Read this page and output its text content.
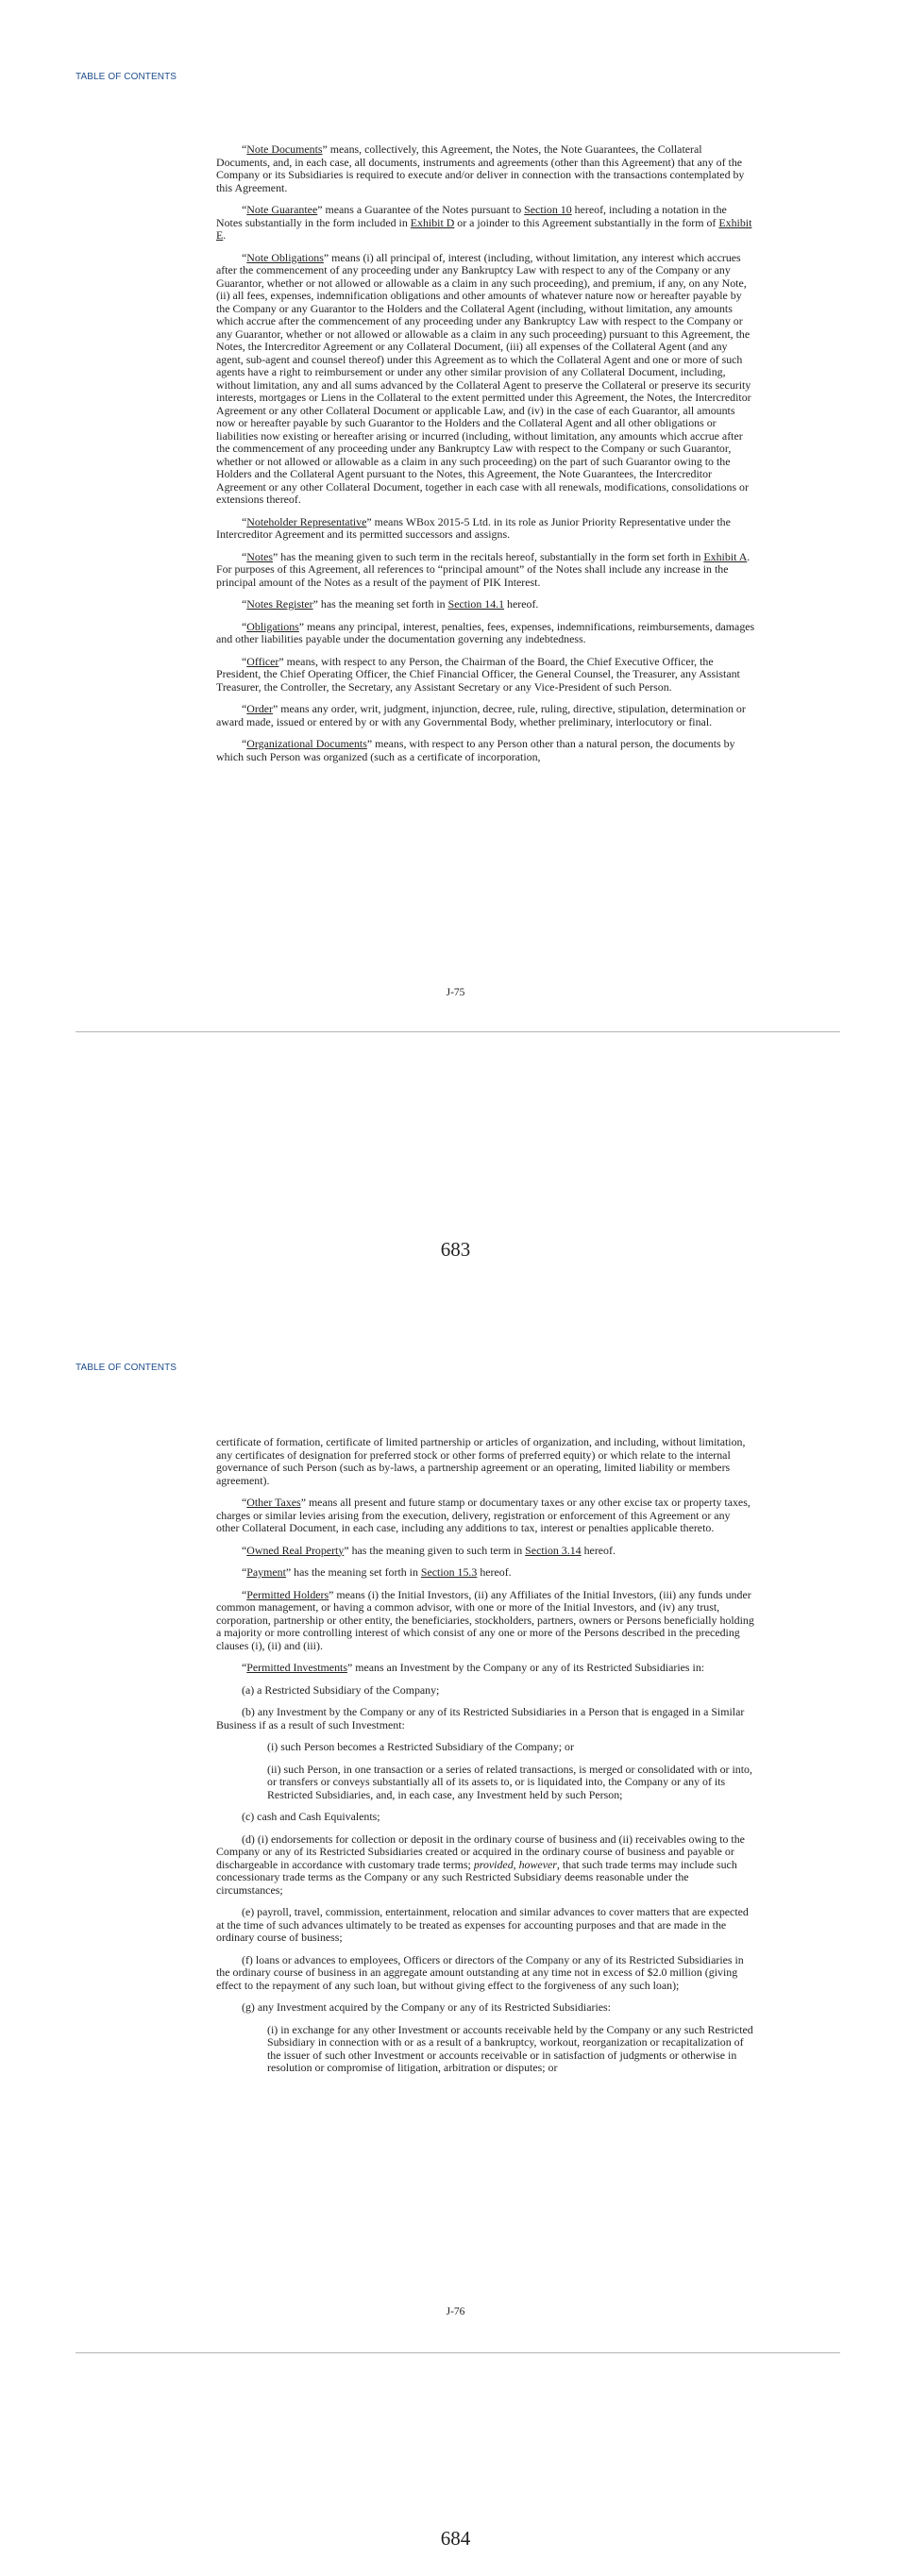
TABLE OF CONTENTS

“Note Documents” means, collectively, this Agreement, the Notes, the Note Guarantees, the Collateral Documents, and, in each case, all documents, instruments and agreements (other than this Agreement) that any of the Company or its Subsidiaries is required to execute and/or deliver in connection with the transactions contemplated by this Agreement.

“Note Guarantee” means a Guarantee of the Notes pursuant to Section 10 hereof, including a notation in the Notes substantially in the form included in Exhibit D or a joinder to this Agreement substantially in the form of Exhibit E.

“Note Obligations” means (i) all principal of, interest (including, without limitation, any interest which accrues after the commencement of any proceeding under any Bankruptcy Law with respect to any of the Company or any Guarantor, whether or not allowed or allowable as a claim in any such proceeding), and premium, if any, on any Note, (ii) all fees, expenses, indemnification obligations and other amounts of whatever nature now or hereafter payable by the Company or any Guarantor to the Holders and the Collateral Agent (including, without limitation, any amounts which accrue after the commencement of any proceeding under any Bankruptcy Law with respect to the Company or any Guarantor, whether or not allowed or allowable as a claim in any such proceeding) pursuant to this Agreement, the Notes, the Intercreditor Agreement or any Collateral Document, (iii) all expenses of the Collateral Agent (and any agent, sub-agent and counsel thereof) under this Agreement as to which the Collateral Agent and one or more of such agents have a right to reimbursement or under any other similar provision of any Collateral Document, including, without limitation, any and all sums advanced by the Collateral Agent to preserve the Collateral or preserve its security interests, mortgages or Liens in the Collateral to the extent permitted under this Agreement, the Notes, the Intercreditor Agreement or any other Collateral Document or applicable Law, and (iv) in the case of each Guarantor, all amounts now or hereafter payable by such Guarantor to the Holders and the Collateral Agent and all other obligations or liabilities now existing or hereafter arising or incurred (including, without limitation, any amounts which accrue after the commencement of any proceeding under any Bankruptcy Law with respect to the Company or such Guarantor, whether or not allowed or allowable as a claim in any such proceeding) on the part of such Guarantor owing to the Holders and the Collateral Agent pursuant to the Notes, this Agreement, the Note Guarantees, the Intercreditor Agreement or any other Collateral Document, together in each case with all renewals, modifications, consolidations or extensions thereof.

“Noteholder Representative” means WBox 2015-5 Ltd. in its role as Junior Priority Representative under the Intercreditor Agreement and its permitted successors and assigns.

“Notes” has the meaning given to such term in the recitals hereof, substantially in the form set forth in Exhibit A. For purposes of this Agreement, all references to “principal amount” of the Notes shall include any increase in the principal amount of the Notes as a result of the payment of PIK Interest.

“Notes Register” has the meaning set forth in Section 14.1 hereof.

“Obligations” means any principal, interest, penalties, fees, expenses, indemnifications, reimbursements, damages and other liabilities payable under the documentation governing any indebtedness.

“Officer” means, with respect to any Person, the Chairman of the Board, the Chief Executive Officer, the President, the Chief Operating Officer, the Chief Financial Officer, the General Counsel, the Treasurer, any Assistant Treasurer, the Controller, the Secretary, any Assistant Secretary or any Vice-President of such Person.

“Order” means any order, writ, judgment, injunction, decree, rule, ruling, directive, stipulation, determination or award made, issued or entered by or with any Governmental Body, whether preliminary, interlocutory or final.

“Organizational Documents” means, with respect to any Person other than a natural person, the documents by which such Person was organized (such as a certificate of incorporation,

J-75
683
TABLE OF CONTENTS

certificate of formation, certificate of limited partnership or articles of organization, and including, without limitation, any certificates of designation for preferred stock or other forms of preferred equity) or which relate to the internal governance of such Person (such as by-laws, a partnership agreement or an operating, limited liability or members agreement).

“Other Taxes” means all present and future stamp or documentary taxes or any other excise tax or property taxes, charges or similar levies arising from the execution, delivery, registration or enforcement of this Agreement or any other Collateral Document, in each case, including any additions to tax, interest or penalties applicable thereto.

“Owned Real Property” has the meaning given to such term in Section 3.14 hereof.

“Payment” has the meaning set forth in Section 15.3 hereof.

“Permitted Holders” means (i) the Initial Investors, (ii) any Affiliates of the Initial Investors, (iii) any funds under common management, or having a common advisor, with one or more of the Initial Investors, and (iv) any trust, corporation, partnership or other entity, the beneficiaries, stockholders, partners, owners or Persons beneficially holding a majority or more controlling interest of which consist of any one or more of the Persons described in the preceding clauses (i), (ii) and (iii).

“Permitted Investments” means an Investment by the Company or any of its Restricted Subsidiaries in:

(a) a Restricted Subsidiary of the Company;

(b) any Investment by the Company or any of its Restricted Subsidiaries in a Person that is engaged in a Similar Business if as a result of such Investment:

(i) such Person becomes a Restricted Subsidiary of the Company; or

(ii) such Person, in one transaction or a series of related transactions, is merged or consolidated with or into, or transfers or conveys substantially all of its assets to, or is liquidated into, the Company or any of its Restricted Subsidiaries, and, in each case, any Investment held by such Person;

(c) cash and Cash Equivalents;

(d) (i) endorsements for collection or deposit in the ordinary course of business and (ii) receivables owing to the Company or any of its Restricted Subsidiaries created or acquired in the ordinary course of business and payable or dischargeable in accordance with customary trade terms; provided, however, that such trade terms may include such concessionary trade terms as the Company or any such Restricted Subsidiary deems reasonable under the circumstances;

(e) payroll, travel, commission, entertainment, relocation and similar advances to cover matters that are expected at the time of such advances ultimately to be treated as expenses for accounting purposes and that are made in the ordinary course of business;

(f) loans or advances to employees, Officers or directors of the Company or any of its Restricted Subsidiaries in the ordinary course of business in an aggregate amount outstanding at any time not in excess of $2.0 million (giving effect to the repayment of any such loan, but without giving effect to the forgiveness of any such loan);

(g) any Investment acquired by the Company or any of its Restricted Subsidiaries:

(i) in exchange for any other Investment or accounts receivable held by the Company or any such Restricted Subsidiary in connection with or as a result of a bankruptcy, workout, reorganization or recapitalization of the issuer of such other Investment or accounts receivable or in satisfaction of judgments or otherwise in resolution or compromise of litigation, arbitration or disputes; or

J-76
684
